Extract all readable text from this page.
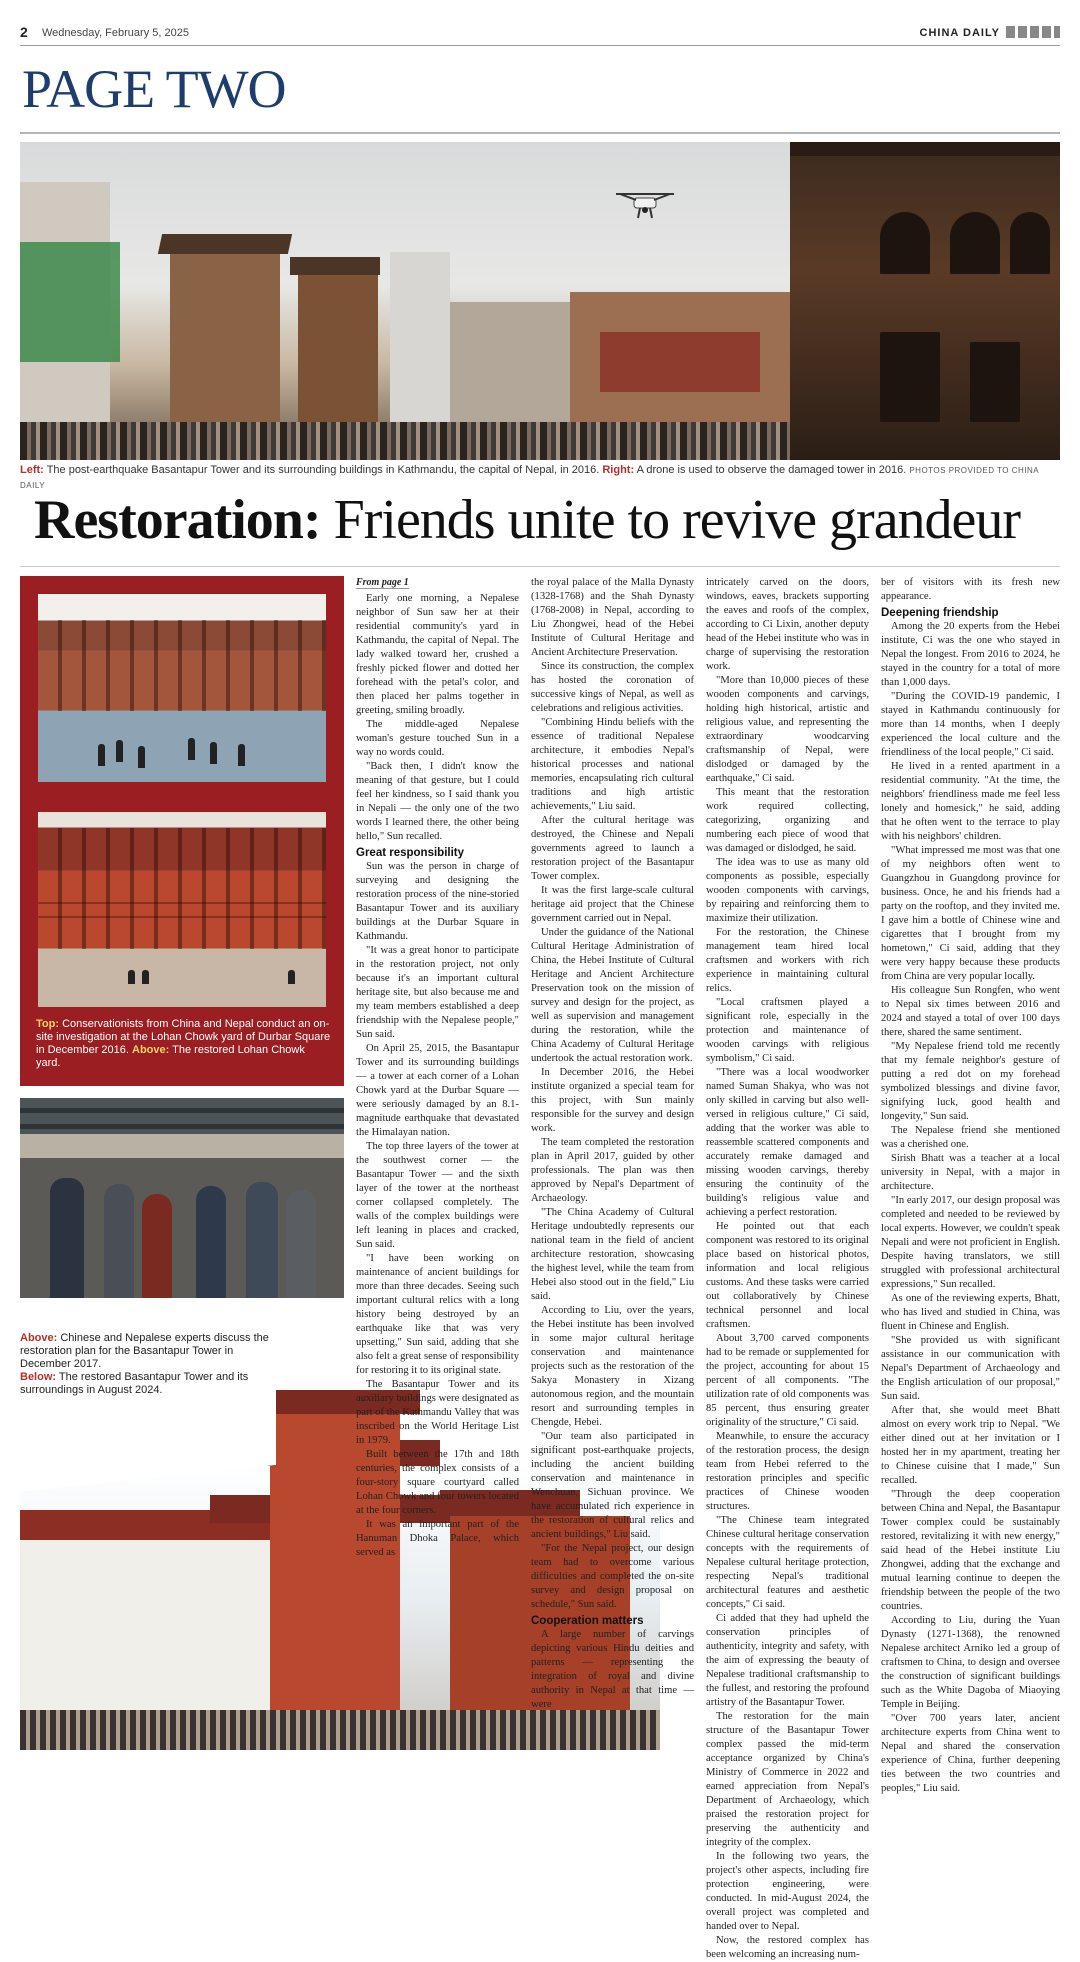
2 Wednesday, February 5, 2025	CHINA DAILY
PAGE TWO
Left: The post-earthquake Basantapur Tower and its surrounding buildings in Kathmandu, the capital of Nepal, in 2016. Right: A drone is used to observe the damaged tower in 2016. PHOTOS PROVIDED TO CHINA DAILY
Restoration: Friends unite to revive grandeur
Top: Conservationists from China and Nepal conduct an on-site investigation at the Lohan Chowk yard of Durbar Square in December 2016. Above: The restored Lohan Chowk yard.
Above: Chinese and Nepalese experts discuss the restoration plan for the Basantapur Tower in December 2017.
Below: The restored Basantapur Tower and its surroundings in August 2024.
From page 1

Early one morning, a Nepalese neighbor of Sun saw her at their residential community's yard in Kathmandu, the capital of Nepal. The lady walked toward her, crushed a freshly picked flower and dotted her forehead with the petal's color, and then placed her palms together in greeting, smiling broadly.

The middle-aged Nepalese woman's gesture touched Sun in a way no words could.

"Back then, I didn't know the meaning of that gesture, but I could feel her kindness, so I said thank you in Nepali — the only one of the two words I learned there, the other being hello," Sun recalled.

Great responsibility

Sun was the person in charge of surveying and designing the restoration process of the nine-storied Basantapur Tower and its auxiliary buildings at the Durbar Square in Kathmandu.

"It was a great honor to participate in the restoration project, not only because it's an important cultural heritage site, but also because me and my team members established a deep friendship with the Nepalese people," Sun said.

On April 25, 2015, the Basantapur Tower and its surrounding buildings — a tower at each corner of a Lohan Chowk yard at the Durbar Square — were seriously damaged by an 8.1-magnitude earthquake that devastated the Himalayan nation.

The top three layers of the tower at the southwest corner — the Basantapur Tower — and the sixth layer of the tower at the northeast corner collapsed completely. The walls of the complex buildings were left leaning in places and cracked, Sun said.

"I have been working on maintenance of ancient buildings for more than three decades. Seeing such important cultural relics with a long history being destroyed by an earthquake like that was very upsetting," Sun said, adding that she also felt a great sense of responsibility for restoring it to its original state.

The Basantapur Tower and its auxiliary buildings were designated as part of the Kathmandu Valley that was inscribed on the World Heritage List in 1979.

Built between the 17th and 18th centuries, the complex consists of a four-story square courtyard called Lohan Chowk and four towers located at the four corners.

It was an important part of the Hanuman Dhoka Palace, which served as

the royal palace of the Malla Dynasty (1328-1768) and the Shah Dynasty (1768-2008) in Nepal, according to Liu Zhongwei, head of the Hebei Institute of Cultural Heritage and Ancient Architecture Preservation.

Since its construction, the complex has hosted the coronation of successive kings of Nepal, as well as celebrations and religious activities.

"Combining Hindu beliefs with the essence of traditional Nepalese architecture, it embodies Nepal's historical processes and national memories, encapsulating rich cultural traditions and high artistic achievements," Liu said.

After the cultural heritage was destroyed, the Chinese and Nepali governments agreed to launch a restoration project of the Basantapur Tower complex.

It was the first large-scale cultural heritage aid project that the Chinese government carried out in Nepal.

Under the guidance of the National Cultural Heritage Administration of China, the Hebei Institute of Cultural Heritage and Ancient Architecture Preservation took on the mission of survey and design for the project, as well as supervision and management during the restoration, while the China Academy of Cultural Heritage undertook the actual restoration work.

In December 2016, the Hebei institute organized a special team for this project, with Sun mainly responsible for the survey and design work.

The team completed the restoration plan in April 2017, guided by other professionals. The plan was then approved by Nepal's Department of Archaeology.

"The China Academy of Cultural Heritage undoubtedly represents our national team in the field of ancient architecture restoration, showcasing the highest level, while the team from Hebei also stood out in the field," Liu said.

According to Liu, over the years, the Hebei institute has been involved in some major cultural heritage conservation and maintenance projects such as the restoration of the Sakya Monastery in Xizang autonomous region, and the mountain resort and surrounding temples in Chengde, Hebei.

"Our team also participated in significant post-earthquake projects, including the ancient building conservation and maintenance in Wenchuan, Sichuan province. We have accumulated rich experience in the restoration of cultural relics and ancient buildings," Liu said.

"For the Nepal project, our design team had to overcome various difficulties and completed the on-site survey and design proposal on schedule," Sun said.

Cooperation matters

A large number of carvings depicting various Hindu deities and patterns — representing the integration of royal and divine authority in Nepal at that time — were

intricately carved on the doors, windows, eaves, brackets supporting the eaves and roofs of the complex, according to Ci Lixin, another deputy head of the Hebei institute who was in charge of supervising the restoration work.

"More than 10,000 pieces of these wooden components and carvings, holding high historical, artistic and religious value, and representing the extraordinary woodcarving craftsmanship of Nepal, were dislodged or damaged by the earthquake," Ci said.

This meant that the restoration work required collecting, categorizing, organizing and numbering each piece of wood that was damaged or dislodged, he said.

The idea was to use as many old components as possible, especially wooden components with carvings, by repairing and reinforcing them to maximize their utilization.

For the restoration, the Chinese management team hired local craftsmen and workers with rich experience in maintaining cultural relics.

"Local craftsmen played a significant role, especially in the protection and maintenance of wooden carvings with religious symbolism," Ci said.

"There was a local woodworker named Suman Shakya, who was not only skilled in carving but also well-versed in religious culture," Ci said, adding that the worker was able to reassemble scattered components and accurately remake damaged and missing wooden carvings, thereby ensuring the continuity of the building's religious value and achieving a perfect restoration.

He pointed out that each component was restored to its original place based on historical photos, information and local religious customs. And these tasks were carried out collaboratively by Chinese technical personnel and local craftsmen.

About 3,700 carved components had to be remade or supplemented for the project, accounting for about 15 percent of all components. "The utilization rate of old components was 85 percent, thus ensuring greater originality of the structure," Ci said.

Meanwhile, to ensure the accuracy of the restoration process, the design team from Hebei referred to the restoration principles and specific practices of Chinese wooden structures.

"The Chinese team integrated Chinese cultural heritage conservation concepts with the requirements of Nepalese cultural heritage protection, respecting Nepal's traditional architectural features and aesthetic concepts," Ci said.

Ci added that they had upheld the conservation principles of authenticity, integrity and safety, with the aim of expressing the beauty of Nepalese traditional craftsmanship to the fullest, and restoring the profound artistry of the Basantapur Tower.

The restoration for the main structure of the Basantapur Tower complex passed the mid-term acceptance organized by China's Ministry of Commerce in 2022 and earned appreciation from Nepal's Department of Archaeology, which praised the restoration project for preserving the authenticity and integrity of the complex.

In the following two years, the project's other aspects, including fire protection engineering, were conducted. In mid-August 2024, the overall project was completed and handed over to Nepal.

Now, the restored complex has been welcoming an increasing num-

ber of visitors with its fresh new appearance.

Deepening friendship

Among the 20 experts from the Hebei institute, Ci was the one who stayed in Nepal the longest. From 2016 to 2024, he stayed in the country for a total of more than 1,000 days.

"During the COVID-19 pandemic, I stayed in Kathmandu continuously for more than 14 months, when I deeply experienced the local culture and the friendliness of the local people," Ci said.

He lived in a rented apartment in a residential community. "At the time, the neighbors' friendliness made me feel less lonely and homesick," he said, adding that he often went to the terrace to play with his neighbors' children.

"What impressed me most was that one of my neighbors often went to Guangzhou in Guangdong province for business. Once, he and his friends had a party on the rooftop, and they invited me. I gave him a bottle of Chinese wine and cigarettes that I brought from my hometown," Ci said, adding that they were very happy because these products from China are very popular locally.

His colleague Sun Rongfen, who went to Nepal six times between 2016 and 2024 and stayed a total of over 100 days there, shared the same sentiment.

"My Nepalese friend told me recently that my female neighbor's gesture of putting a red dot on my forehead symbolized blessings and divine favor, signifying luck, good health and longevity," Sun said.

The Nepalese friend she mentioned was a cherished one.

Sirish Bhatt was a teacher at a local university in Nepal, with a major in architecture.

"In early 2017, our design proposal was completed and needed to be reviewed by local experts. However, we couldn't speak Nepali and were not proficient in English. Despite having translators, we still struggled with professional architectural expressions," Sun recalled.

As one of the reviewing experts, Bhatt, who has lived and studied in China, was fluent in Chinese and English.

"She provided us with significant assistance in our communication with Nepal's Department of Archaeology and the English articulation of our proposal," Sun said.

After that, she would meet Bhatt almost on every work trip to Nepal. "We either dined out at her invitation or I hosted her in my apartment, treating her to Chinese cuisine that I made," Sun recalled.

"Through the deep cooperation between China and Nepal, the Basantapur Tower complex could be sustainably restored, revitalizing it with new energy," said head of the Hebei institute Liu Zhongwei, adding that the exchange and mutual learning continue to deepen the friendship between the people of the two countries.

According to Liu, during the Yuan Dynasty (1271-1368), the renowned Nepalese architect Arniko led a group of craftsmen to China, to design and oversee the construction of significant buildings such as the White Dagoba of Miaoying Temple in Beijing.

"Over 700 years later, ancient architecture experts from China went to Nepal and shared the conservation experience of China, further deepening ties between the two countries and peoples," Liu said.
